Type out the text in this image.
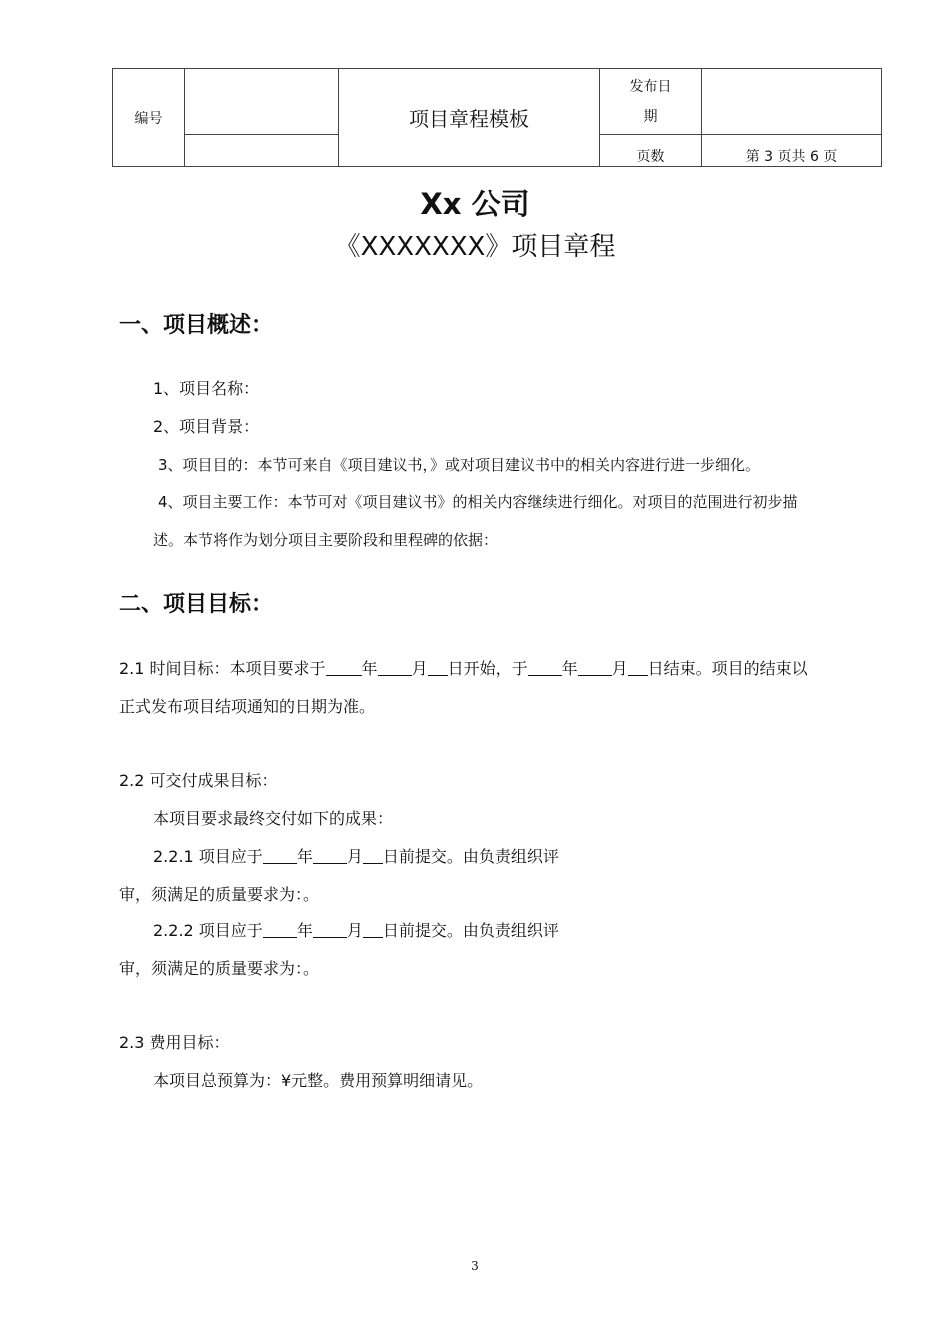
编号		项目章程模板	发布日
期	
			页数	第 3 页共 6 页
Xx 公司
《XXXXXXX》项目章程
一、项目概述：
1、项目名称：
2、项目背景：
3、项目目的：本节可来自《项目建议书，》或对项目建议书中的相关内容进行进一步细化。
4、项目主要工作：本节可对《项目建议书》的相关内容继续进行细化。对项目的范围进行初步描
述。本节将作为划分项目主要阶段和里程碑的依据：
二、项目目标：
2.1 时间目标：本项目要求于 年 月 日开始，于 年 月 日结束。项目的结束以
正式发布项目结项通知的日期为准。
2.2 可交付成果目标：
本项目要求最终交付如下的成果：
2.2.1 项目应于 年 月 日前提交。由负责组织评
审，须满足的质量要求为：。
2.2.2 项目应于 年 月 日前提交。由负责组织评
审，须满足的质量要求为：。
2.3 费用目标：
本项目总预算为：¥元整。费用预算明细请见。
3
